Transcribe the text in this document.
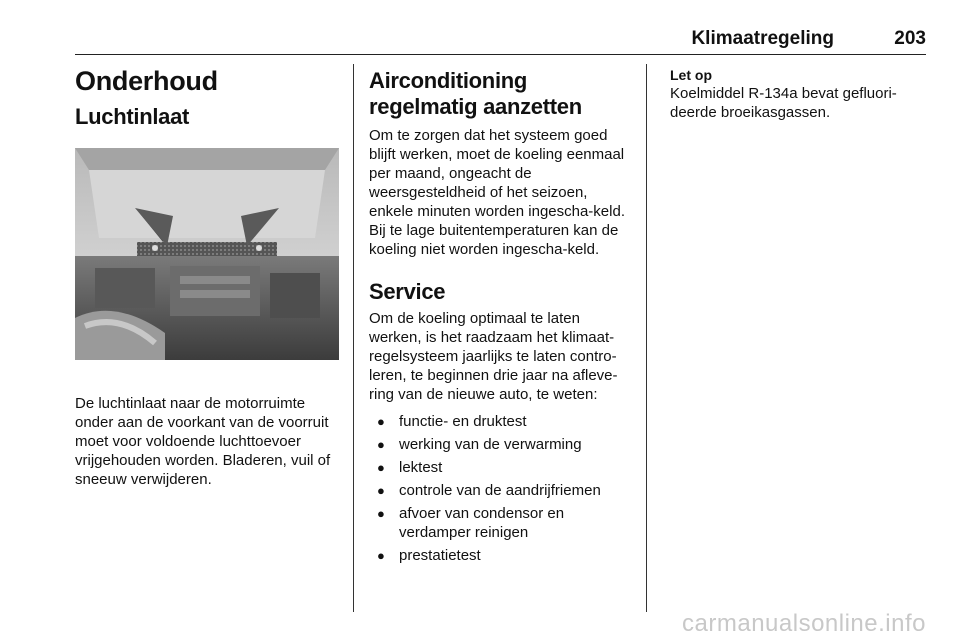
Klimaatregeling	203
Onderhoud
Luchtinlaat

De luchtinlaat naar de motorruimte onder aan de voorkant van de voorruit moet voor voldoende luchttoevoer vrijgehouden worden. Bladeren, vuil of sneeuw verwijderen.

Airconditioning regelmatig aanzetten

Om te zorgen dat het systeem goed blijft werken, moet de koeling eenmaal per maand, ongeacht de weersgesteldheid of het seizoen, enkele minuten worden ingescha-keld. Bij te lage buitentemperaturen kan de koeling niet worden ingescha-keld.

Service

Om de koeling optimaal te laten werken, is het raadzaam het klimaat-regelsysteem jaarlijks te laten contro-leren, te beginnen drie jaar na afleve-ring van de nieuwe auto, te weten:

● functie- en druktest
● werking van de verwarming
● lektest
● controle van de aandrijfriemen
● afvoer van condensor en verdamper reinigen
● prestatietest
Let op

Koelmiddel R-134a bevat gefluori-deerde broeikasgassen.

carmanualsonline.info
